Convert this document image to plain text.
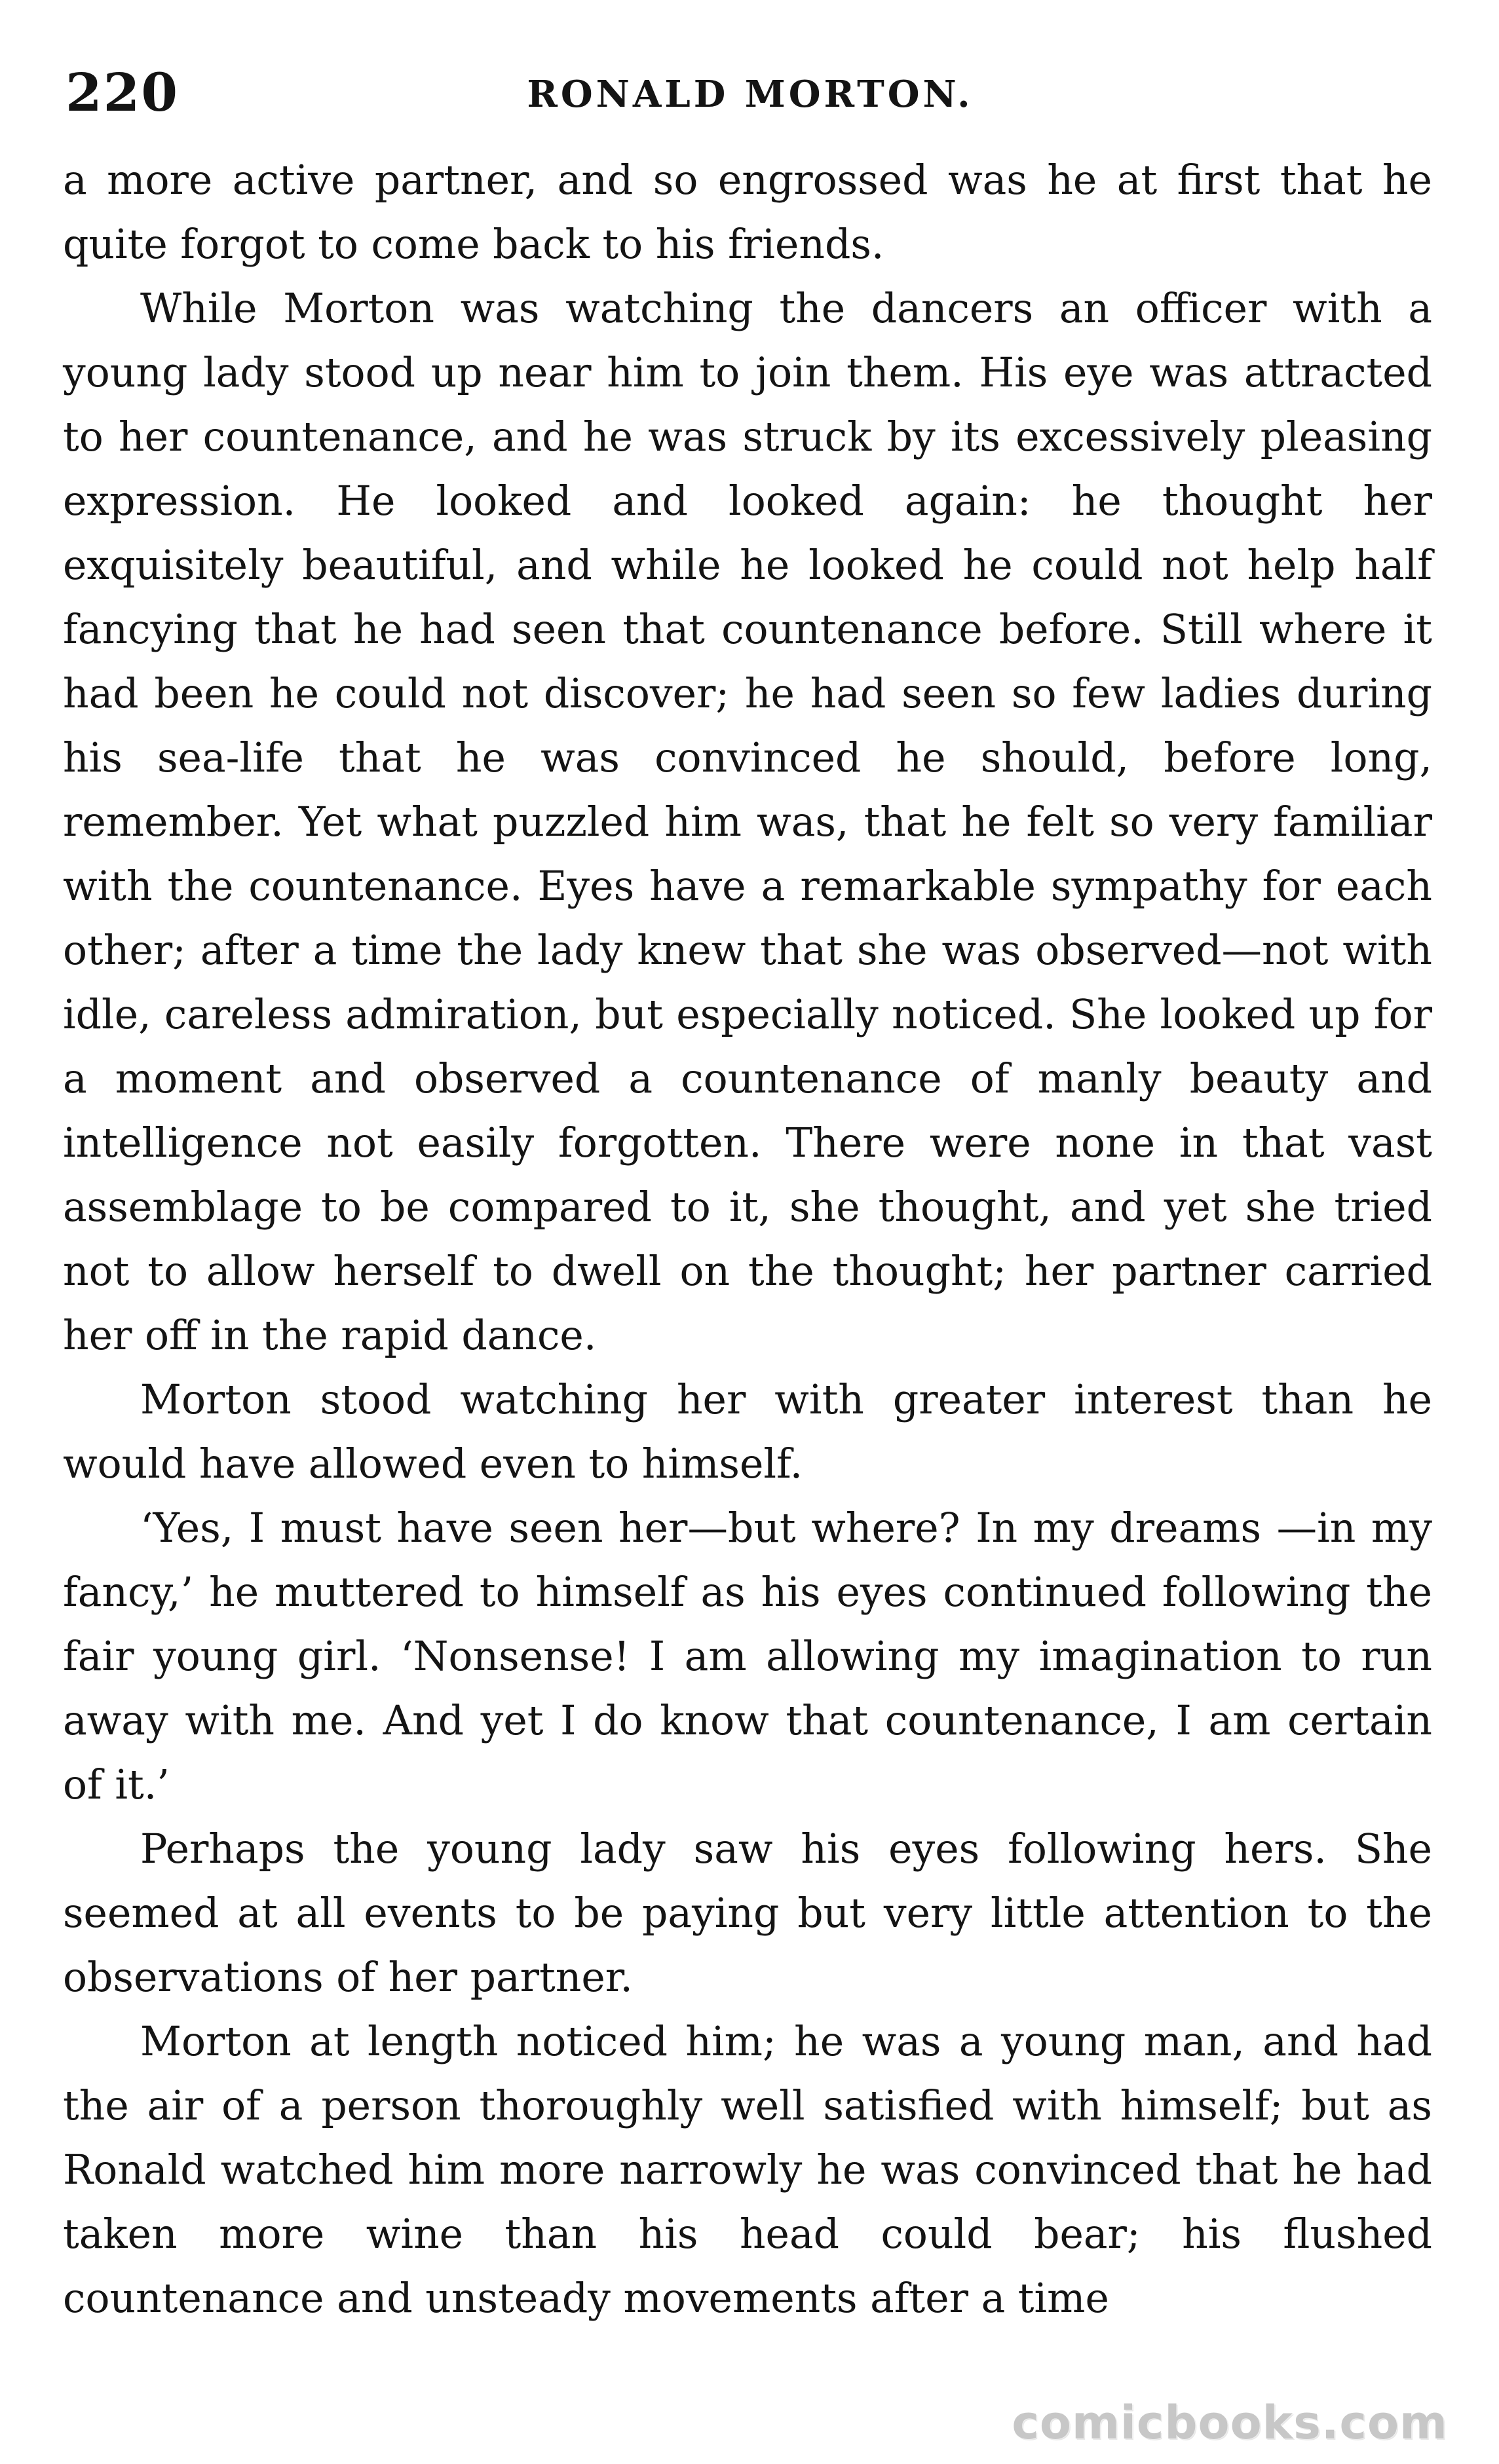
220	RONALD MORTON.

a more active partner, and so engrossed was he at first that he quite forgot to come back to his friends.

While Morton was watching the dancers an officer with a young lady stood up near him to join them. His eye was attracted to her countenance, and he was struck by its excessively pleasing expression. He looked and looked again: he thought her exquisitely beautiful, and while he looked he could not help half fancying that he had seen that countenance before. Still where it had been he could not discover; he had seen so few ladies during his sea-life that he was convinced he should, before long, remember. Yet what puzzled him was, that he felt so very familiar with the countenance. Eyes have a remarkable sympathy for each other; after a time the lady knew that she was observed—not with idle, careless admiration, but especially noticed. She looked up for a moment and observed a countenance of manly beauty and intelligence not easily forgotten. There were none in that vast assemblage to be compared to it, she thought, and yet she tried not to allow herself to dwell on the thought; her partner carried her off in the rapid dance.

Morton stood watching her with greater interest than he would have allowed even to himself.

‘Yes, I must have seen her—but where? In my dreams —in my fancy,’ he muttered to himself as his eyes continued following the fair young girl. ‘Nonsense! I am allowing my imagination to run away with me. And yet I do know that countenance, I am certain of it.’

Perhaps the young lady saw his eyes following hers. She seemed at all events to be paying but very little attention to the observations of her partner.

Morton at length noticed him; he was a young man, and had the air of a person thoroughly well satisfied with himself; but as Ronald watched him more narrowly he was convinced that he had taken more wine than his head could bear; his flushed countenance and unsteady movements after a time

comicbooks.com
